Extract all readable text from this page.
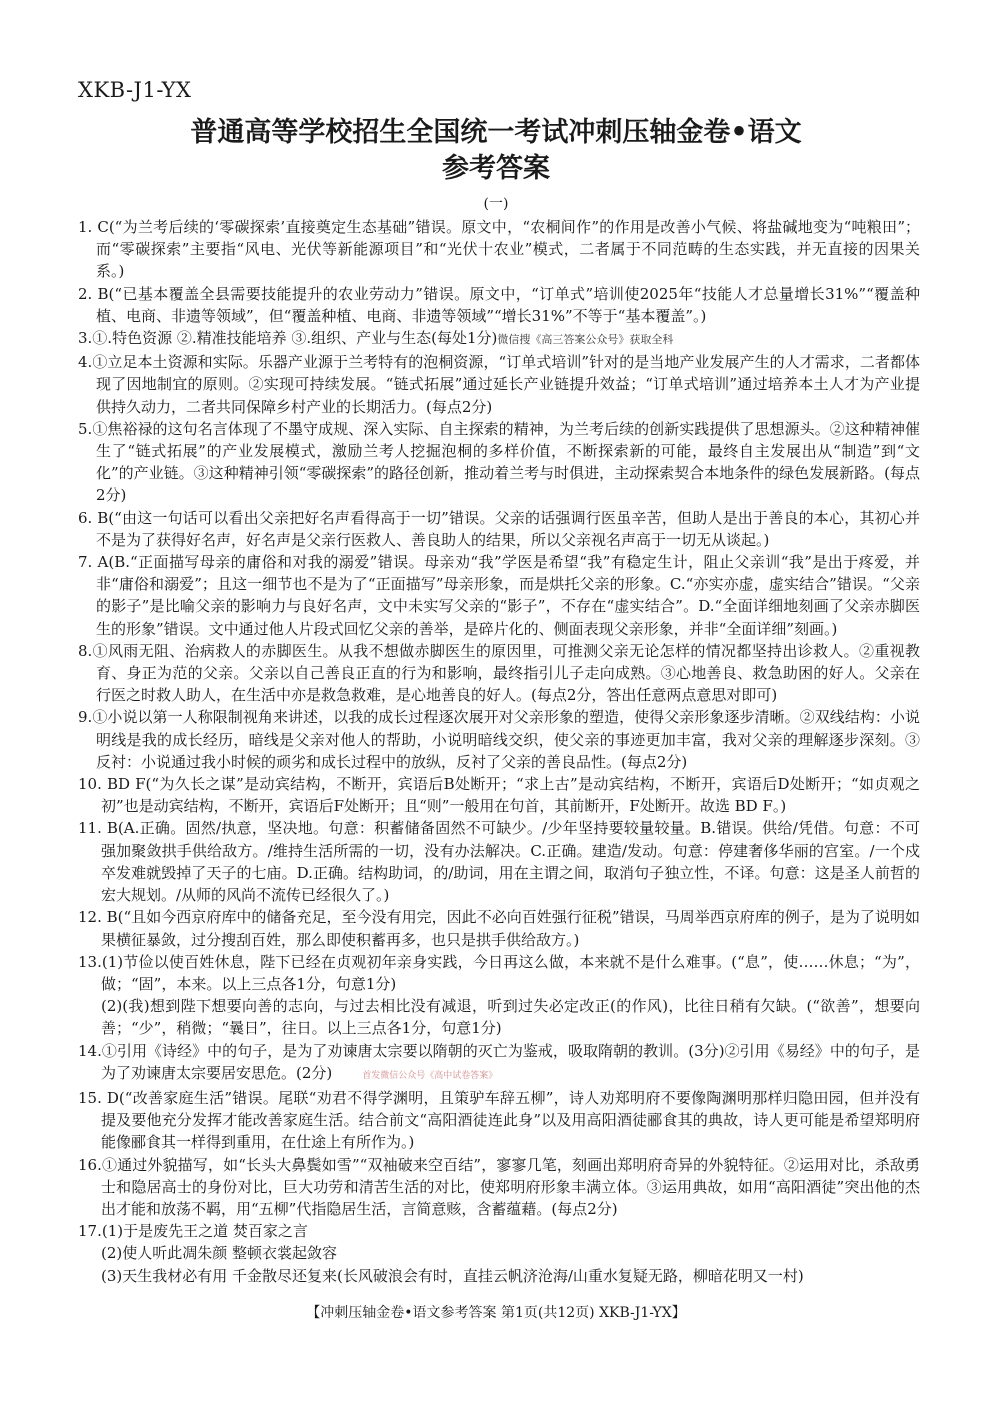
XKB-J1-YX
普通高等学校招生全国统一考试冲刺压轴金卷•语文
参考答案
(一)

1. C(“为兰考后续的‘零碳探索’直接奠定生态基础”错误。原文中，“农桐间作”的作用是改善小气候、将盐碱地变为“吨粮田”；而“零碳探索”主要指“风电、光伏等新能源项目”和“光伏十农业”模式，二者属于不同范畴的生态实践，并无直接的因果关系。)

2. B(“已基本覆盖全县需要技能提升的农业劳动力”错误。原文中，“订单式”培训使2025年“技能人才总量增长31%”“覆盖种植、电商、非遗等领域”，但“覆盖种植、电商、非遗等领域”“增长31%”不等于“基本覆盖”。)

3.①.特色资源 ②.精准技能培养 ③.组织、产业与生态(每处1分)微信搜《高三答案公众号》获取全科

4.①立足本土资源和实际。乐器产业源于兰考特有的泡桐资源，“订单式培训”针对的是当地产业发展产生的人才需求，二者都体现了因地制宜的原则。②实现可持续发展。“链式拓展”通过延长产业链提升效益；“订单式培训”通过培养本土人才为产业提供持久动力，二者共同保障乡村产业的长期活力。(每点2分)

5.①焦裕禄的这句名言体现了不墨守成规、深入实际、自主探索的精神，为兰考后续的创新实践提供了思想源头。②这种精神催生了“链式拓展”的产业发展模式，激励兰考人挖掘泡桐的多样价值，不断探索新的可能，最终自主发展出从“制造”到“文化”的产业链。③这种精神引领“零碳探索”的路径创新，推动着兰考与时俱进，主动探索契合本地条件的绿色发展新路。(每点2分)

6. B(“由这一句话可以看出父亲把好名声看得高于一切”错误。父亲的话强调行医虽辛苦，但助人是出于善良的本心，其初心并不是为了获得好名声，好名声是父亲行医救人、善良助人的结果，所以父亲视名声高于一切无从谈起。)

7. A(B.“正面描写母亲的庸俗和对我的溺爱”错误。母亲劝“我”学医是希望“我”有稳定生计，阻止父亲训“我”是出于疼爱，并非“庸俗和溺爱”；且这一细节也不是为了“正面描写”母亲形象，而是烘托父亲的形象。C.“亦实亦虚，虚实结合”错误。“父亲的影子”是比喻父亲的影响力与良好名声，文中未实写父亲的“影子”，不存在“虚实结合”。D.“全面详细地刻画了父亲赤脚医生的形象”错误。文中通过他人片段式回忆父亲的善举，是碎片化的、侧面表现父亲形象，并非“全面详细”刻画。)

8.①风雨无阻、治病救人的赤脚医生。从我不想做赤脚医生的原因里，可推测父亲无论怎样的情况都坚持出诊救人。②重视教育、身正为范的父亲。父亲以自己善良正直的行为和影响，最终指引儿子走向成熟。③心地善良、救急助困的好人。父亲在行医之时救人助人，在生活中亦是救急救难，是心地善良的好人。(每点2分，答出任意两点意思对即可)

9.①小说以第一人称限制视角来讲述，以我的成长过程逐次展开对父亲形象的塑造，使得父亲形象逐步清晰。②双线结构：小说明线是我的成长经历，暗线是父亲对他人的帮助，小说明暗线交织，使父亲的事迹更加丰富，我对父亲的理解逐步深刻。③反衬：小说通过我小时候的顽劣和成长过程中的放纵，反衬了父亲的善良品性。(每点2分)

10. BD F(“为久长之谋”是动宾结构，不断开，宾语后B处断开；“求上古”是动宾结构，不断开，宾语后D处断开；“如贞观之初”也是动宾结构，不断开，宾语后F处断开；且“则”一般用在句首，其前断开，F处断开。故选 BD F。)

11. B(A.正确。固然/执意，坚决地。句意：积蓄储备固然不可缺少。/少年坚持要较量较量。B.错误。供给/凭借。句意：不可强加聚敛拱手供给敌方。/维持生活所需的一切，没有办法解决。C.正确。建造/发动。句意：停建奢侈华丽的宫室。/一个戍卒发难就毁掉了天子的七庙。D.正确。结构助词，的/助词，用在主谓之间，取消句子独立性，不译。句意：这是圣人前哲的宏大规划。/从师的风尚不流传已经很久了。)

12. B(“且如今西京府库中的储备充足，至今没有用完，因此不必向百姓强行征税”错误，马周举西京府库的例子，是为了说明如果横征暴敛，过分搜刮百姓，那么即使积蓄再多，也只是拱手供给敌方。)

13.(1)节俭以使百姓休息，陛下已经在贞观初年亲身实践，今日再这么做，本来就不是什么难事。(“息”，使……休息；“为”，做；“固”，本来。以上三点各1分，句意1分)

(2)(我)想到陛下想要向善的志向，与过去相比没有减退，听到过失必定改正(的作风)，比往日稍有欠缺。(“欲善”，想要向善；“少”，稍微；“曩日”，往日。以上三点各1分，句意1分)

14.①引用《诗经》中的句子，是为了劝谏唐太宗要以隋朝的灭亡为鉴戒，吸取隋朝的教训。(3分)②引用《易经》中的句子，是为了劝谏唐太宗要居安思危。(2分)	首发微信公众号《高中试卷答案》

15. D(“改善家庭生活”错误。尾联“劝君不得学渊明，且策驴车辞五柳”，诗人劝郑明府不要像陶渊明那样归隐田园，但并没有提及要他充分发挥才能改善家庭生活。结合前文“高阳酒徒连此身”以及用高阳酒徒郦食其的典故，诗人更可能是希望郑明府能像郦食其一样得到重用，在仕途上有所作为。)

16.①通过外貌描写，如“长头大鼻鬓如雪”“双袖破来空百结”，寥寥几笔，刻画出郑明府奇异的外貌特征。②运用对比，杀敌勇士和隐居高士的身份对比，巨大功劳和清苦生活的对比，使郑明府形象丰满立体。③运用典故，如用“高阳酒徒”突出他的杰出才能和放荡不羁，用“五柳”代指隐居生活，言简意赅，含蓄蕴藉。(每点2分)

17.(1)于是废先王之道 焚百家之言

(2)使人听此凋朱颜 整顿衣裳起敛容

(3)天生我材必有用 千金散尽还复来(长风破浪会有时，直挂云帆济沧海/山重水复疑无路，柳暗花明又一村)

【冲刺压轴金卷•语文参考答案 第1页(共12页) XKB-J1-YX】
